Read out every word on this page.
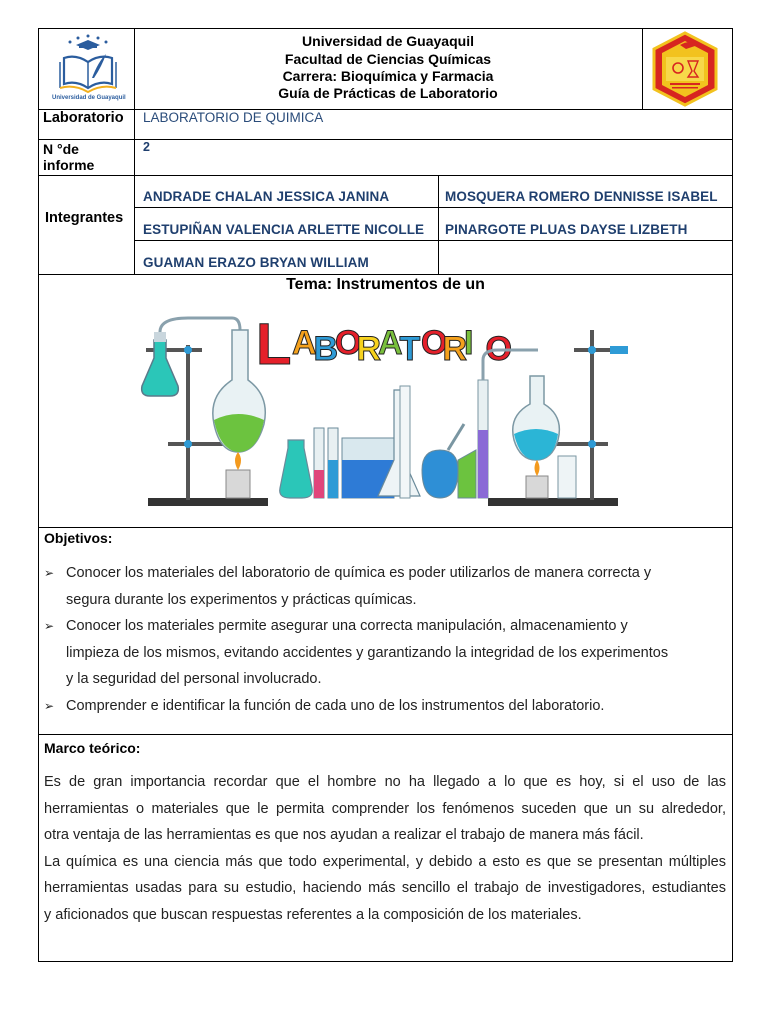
Universidad de Guayaquil
Universidad de Guayaquil
Facultad de Ciencias Químicas
Carrera: Bioquímica y Farmacia
Guía de Prácticas de Laboratorio
Laboratorio LABORATORIO DE QUIMICA
N °de
informe
2
Integrantes
ANDRADE CHALAN JESSICA JANINA	MOSQUERA ROMERO DENNISSE ISABEL
ESTUPIÑAN VALENCIA ARLETTE NICOLLE PINARGOTE PLUAS DAYSE LIZBETH
GUAMAN ERAZO BRYAN WILLIAM
Tema: Instrumentos de un
L A
B
O
R
A
T O
R
I O
Objetivos:
➢ Conocer los materiales del laboratorio de química es poder utilizarlos de manera correcta y
segura durante los experimentos y prácticas químicas.
➢ Conocer los materiales permite asegurar una correcta manipulación, almacenamiento y
limpieza de los mismos, evitando accidentes y garantizando la integridad de los experimentos
y la seguridad del personal involucrado.
➢ Comprender e identificar la función de cada uno de los instrumentos del laboratorio.
Marco teórico:
Es de gran importancia recordar que el hombre no ha llegado a lo que es hoy, si el uso de las
herramientas o materiales que le permita comprender los fenómenos suceden que un su alrededor,
otra ventaja de las herramientas es que nos ayudan a realizar el trabajo de manera más fácil.
La química es una ciencia más que todo experimental, y debido a esto es que se presentan múltiples
herramientas usadas para su estudio, haciendo más sencillo el trabajo de investigadores, estudiantes
y aficionados que buscan respuestas referentes a la composición de los materiales.
